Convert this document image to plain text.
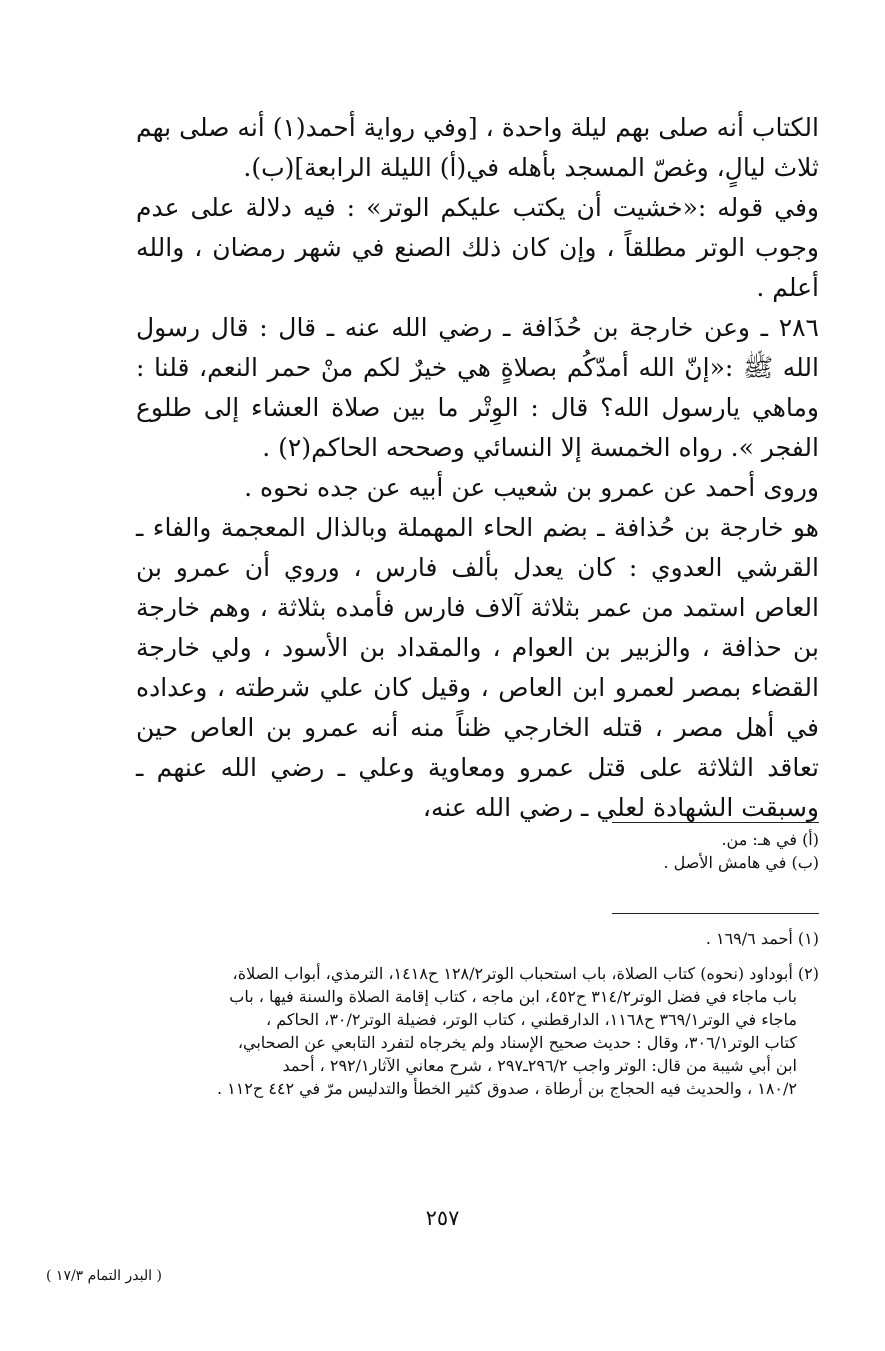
الكتاب أنه صلى بهم ليلة واحدة ، [وفي رواية أحمد(١) أنه صلى بهم ثلاث ليالٍ، وغصّ المسجد بأهله في(أ) الليلة الرابعة](ب).

وفي قوله :«خشيت أن يكتب عليكم الوتر» : فيه دلالة على عدم وجوب الوتر مطلقاً ، وإن كان ذلك الصنع في شهر رمضان ، والله أعلم .

٢٨٦ ـ وعن خارجة بن حُذَافة ـ رضي الله عنه ـ قال : قال رسول الله ﷺ :«إنّ الله أمدّكُم بصلاةٍ هي خيرٌ لكم منْ حمر النعم، قلنا : وماهي يارسول الله؟ قال : الوِتْر ما بين صلاة العشاء إلى طلوع الفجر ». رواه الخمسة إلا النسائي وصححه الحاكم(٢) .

وروى أحمد عن عمرو بن شعيب عن أبيه عن جده نحوه .

هو خارجة بن حُذافة ـ بضم الحاء المهملة وبالذال المعجمة والفاء ـ القرشي العدوي : كان يعدل بألف فارس ، وروي أن عمرو بن العاص استمد من عمر بثلاثة آلاف فارس فأمده بثلاثة ، وهم خارجة بن حذافة ، والزبير بن العوام ، والمقداد بن الأسود ، ولي خارجة القضاء بمصر لعمرو ابن العاص ، وقيل كان علي شرطته ، وعداده في أهل مصر ، قتله الخارجي ظناً منه أنه عمرو بن العاص حين تعاقد الثلاثة على قتل عمرو ومعاوية وعلي ـ رضي الله عنهم ـ وسبقت الشهادة لعلي ـ رضي الله عنه،

(أ) في هـ: من.

(ب) في هامش الأصل .

(١) أحمد ١٦٩/٦ .

(٢) أبوداود (نحوه) كتاب الصلاة، باب استحباب الوتر١٢٨/٢ ح١٤١٨، الترمذي، أبواب الصلاة،

باب ماجاء في فضل الوتر٣١٤/٢ ح٤٥٢، ابن ماجه ، كتاب إقامة الصلاة والسنة فيها ، باب

ماجاء في الوتر٣٦٩/١ ح١١٦٨، الدارقطني ، كتاب الوتر، فضيلة الوتر٣٠/٢، الحاكم ،

كتاب الوتر٣٠٦/١، وقال : حديث صحيح الإسناد ولم يخرجاه لتفرد التابعي عن الصحابي،

ابن أبي شيبة من قال: الوتر واجب ٢٩٦/٢ـ٢٩٧ ، شرح معاني الآثار٢٩٢/١ ، أحمد

١٨٠/٢ ، والحديث فيه الحجاج بن أرطاة ، صدوق كثير الخطأ والتدليس مرّ في ٤٤٢ ح١١٢ .

٢٥٧
( البدر التمام ١٧/٣ )
